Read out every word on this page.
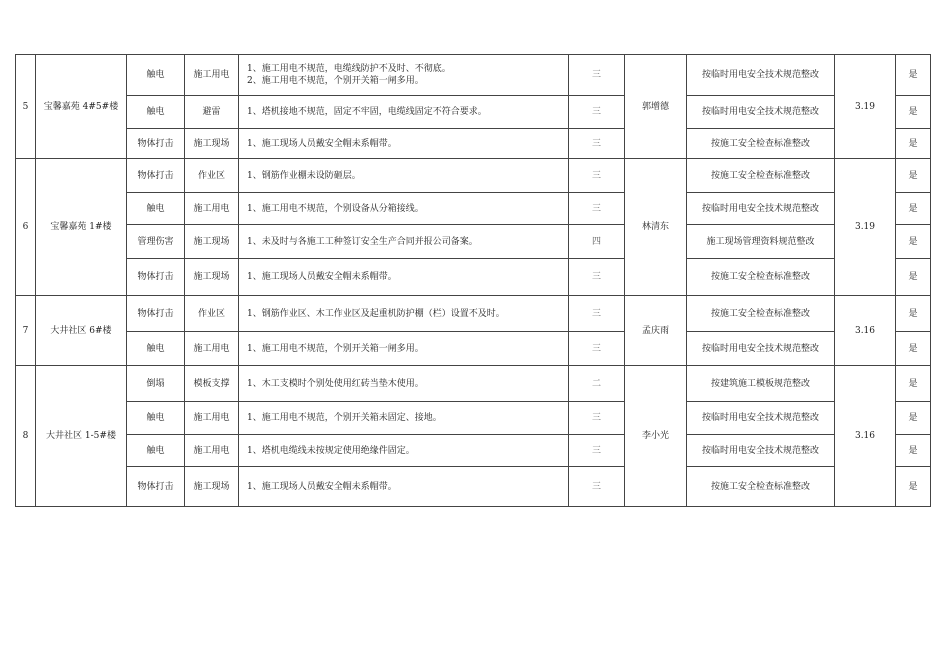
5	宝馨嘉苑 4#5#楼	触电	施工用电	1、施工用电不规范，电缆线防护不及时、不彻底。
2、施工用电不规范，个别开关箱一闸多用。	三	郭增德	按临时用电安全技术规范整改	3.19	是
		触电	避雷	1、塔机接地不规范，固定不牢固，电缆线固定不符合要求。	三		按临时用电安全技术规范整改		是
		物体打击	施工现场	1、施工现场人员戴安全帽未系帽带。	三		按施工安全检查标准整改		是
6	宝馨嘉苑 1#楼	物体打击	作业区	1、钢筋作业棚未设防砸层。	三	林清东	按施工安全检查标准整改	3.19	是
		触电	施工用电	1、施工用电不规范，个别设备从分箱接线。	三		按临时用电安全技术规范整改		是
		管理伤害	施工现场	1、未及时与各施工工种签订安全生产合同并报公司备案。	四		施工现场管理资料规范整改		是
		物体打击	施工现场	1、施工现场人员戴安全帽未系帽带。	三		按施工安全检查标准整改		是
7	大井社区 6#楼	物体打击	作业区	1、钢筋作业区、木工作业区及起重机防护棚（栏）设置不及时。	三	孟庆雨	按施工安全检查标准整改	3.16	是
		触电	施工用电	1、施工用电不规范，个别开关箱一闸多用。	三		按临时用电安全技术规范整改		是
8	大井社区 1-5#楼	倒塌	模板支撑	1、木工支模时个别处使用红砖当垫木使用。	二	李小光	按建筑施工模板规范整改	3.16	是
		触电	施工用电	1、施工用电不规范，个别开关箱未固定、接地。	三		按临时用电安全技术规范整改		是
		触电	施工用电	1、塔机电缆线未按规定使用绝缘件固定。	三		按临时用电安全技术规范整改		是
		物体打击	施工现场	1、施工现场人员戴安全帽未系帽带。	三		按施工安全检查标准整改		是
